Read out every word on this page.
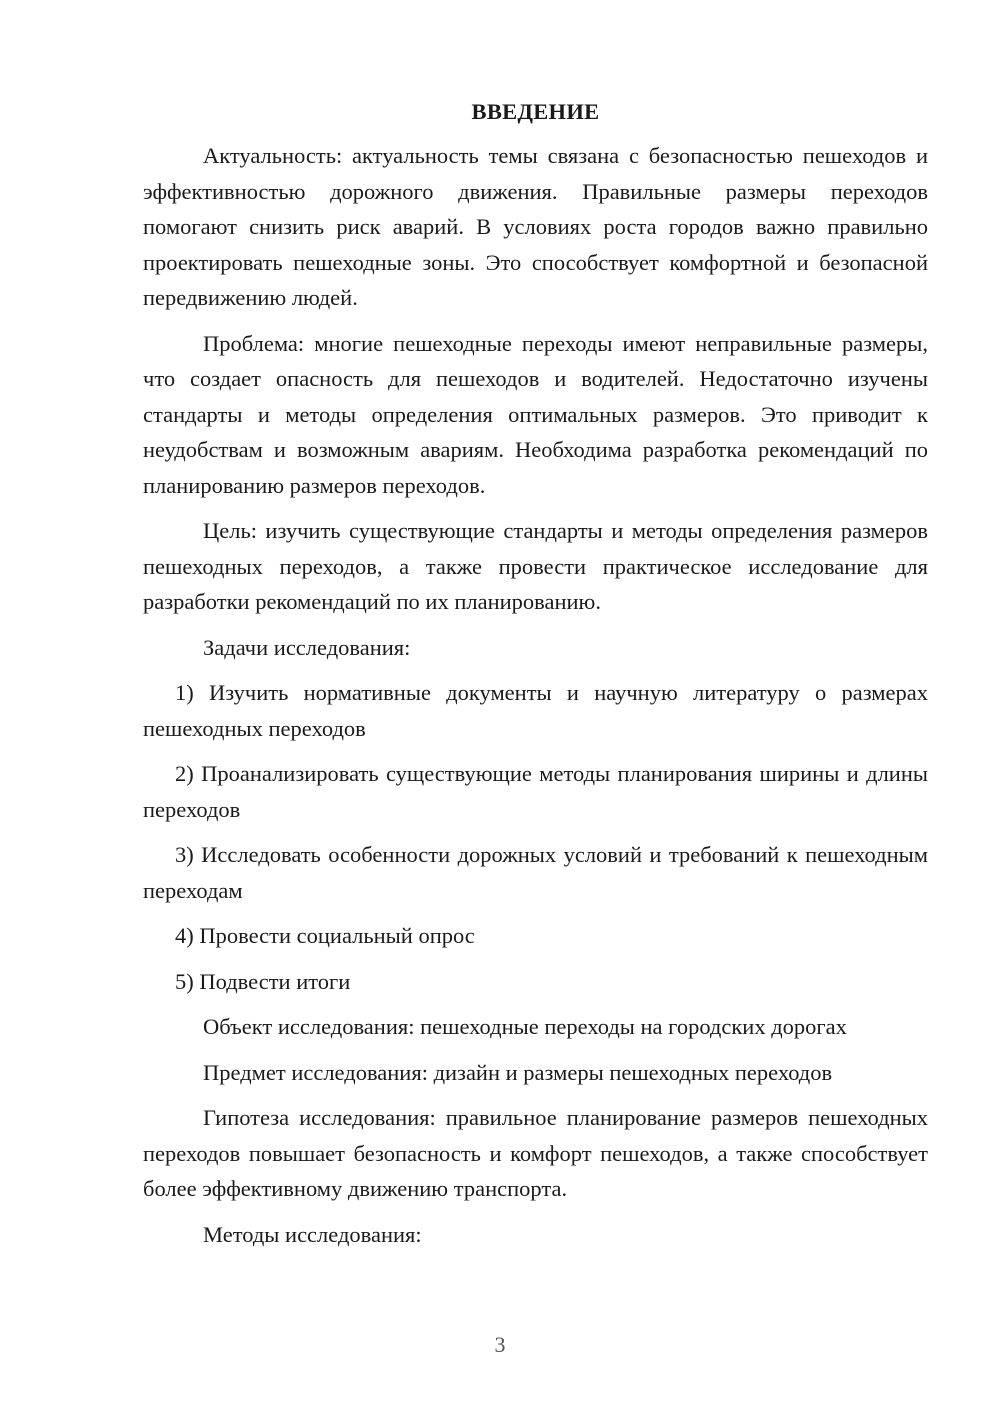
ВВЕДЕНИЕ
Актуальность: актуальность темы связана с безопасностью пешеходов и эффективностью дорожного движения. Правильные размеры переходов помогают снизить риск аварий. В условиях роста городов важно правильно проектировать пешеходные зоны. Это способствует комфортной и безопасной передвижению людей.
Проблема: многие пешеходные переходы имеют неправильные размеры, что создает опасность для пешеходов и водителей. Недостаточно изучены стандарты и методы определения оптимальных размеров. Это приводит к неудобствам и возможным авариям. Необходима разработка рекомендаций по планированию размеров переходов.
Цель: изучить существующие стандарты и методы определения размеров пешеходных переходов, а также провести практическое исследование для разработки рекомендаций по их планированию.
Задачи исследования:
1) Изучить нормативные документы и научную литературу о размерах пешеходных переходов
2) Проанализировать существующие методы планирования ширины и длины переходов
3) Исследовать особенности дорожных условий и требований к пешеходным переходам
4) Провести социальный опрос
5) Подвести итоги
Объект исследования: пешеходные переходы на городских дорогах
Предмет исследования: дизайн и размеры пешеходных переходов
Гипотеза исследования: правильное планирование размеров пешеходных переходов повышает безопасность и комфорт пешеходов, а также способствует более эффективному движению транспорта.
Методы исследования:
3
